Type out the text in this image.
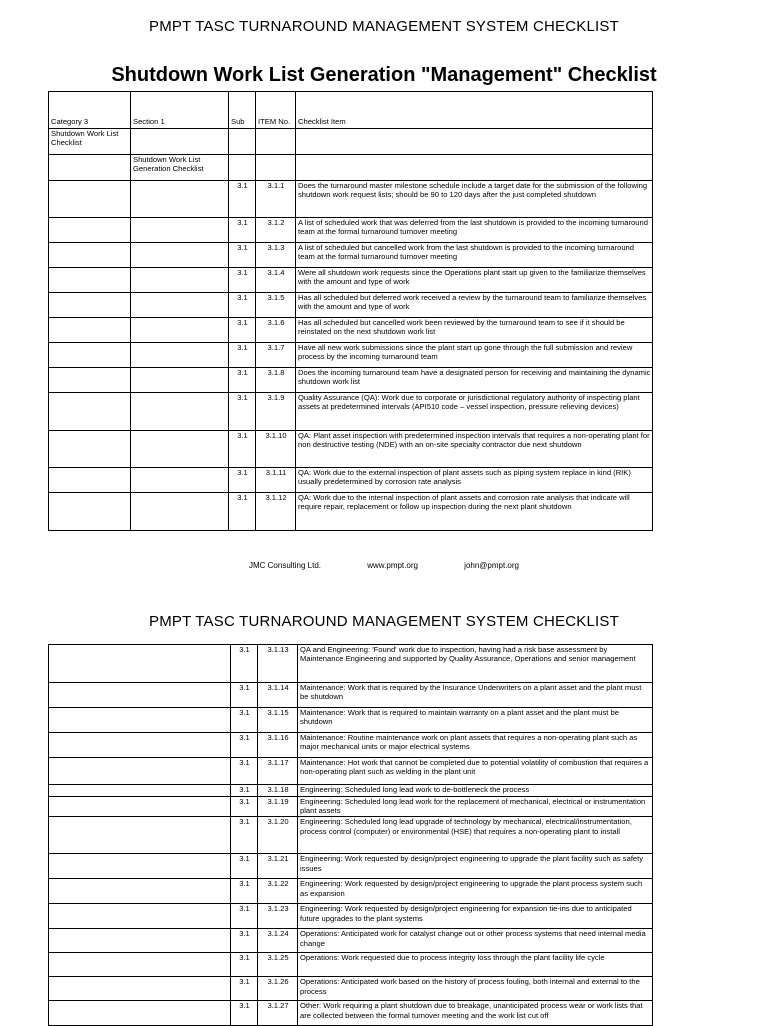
PMPT TASC TURNAROUND MANAGEMENT SYSTEM CHECKLIST
Shutdown Work List Generation "Management" Checklist
Category 3	Section 1	Sub	ITEM No.	Checklist Item
Shutdown Work List Checklist				
	Shutdown Work List Generation Checklist			
		3.1	3.1.1	Does the turnaround master milestone schedule include a target date for the submission of the following shutdown work request lists; should be 90 to 120 days after the just completed shutdown
		3.1	3.1.2	A list of scheduled work that was deferred from the last shutdown is provided to the incoming turnaround team at the formal turnaround turnover meeting
		3.1	3.1.3	A list of scheduled but cancelled work from the last shutdown is provided to the incoming turnaround team at the formal turnaround turnover meeting
		3.1	3.1.4	Were all shutdown work requests since the Operations plant start up given to the familiarize themselves with the amount and type of work
		3.1	3.1.5	Has all scheduled but deferred work received a review by the turnaround team to familiarize themselves with the amount and type of work
		3.1	3.1.6	Has all scheduled but cancelled work been reviewed by the turnaround team to see if it should be reinstated on the next shutdown work list
		3.1	3.1.7	Have all new work submissions since the plant start up gone through the full submission and review process by the incoming turnaround team
		3.1	3.1.8	Does the incoming turnaround team have a designated person for receiving and maintaining the dynamic shutdown work list
		3.1	3.1.9	Quality Assurance (QA): Work due to corporate or jurisdictional regulatory authority of inspecting plant assets at predetermined intervals (API510 code – vessel inspection, pressure relieving devices)
		3.1	3.1.10	QA: Plant asset inspection with predetermined inspection intervals that requires a non-operating plant for non destructive testing (NDE) with an on-site specialty contractor due next shutdown
		3.1	3.1.11	QA: Work due to the external inspection of plant assets such as piping system replace in kind (RIK) usually predetermined by corrosion rate analysis
		3.1	3.1.12	QA: Work due to the internal inspection of plant assets and corrosion rate analysis that indicate will require repair, replacement or follow up inspection during the next plant shutdown
JMC Consulting Ltd.	www.pmpt.org	john@pmpt.org
PMPT TASC TURNAROUND MANAGEMENT SYSTEM CHECKLIST
	3.1	3.1.13	QA and Engineering: 'Found' work due to inspection, having had a risk base assessment by Maintenance Engineering and supported by Quality Assurance, Operations and senior management
	3.1	3.1.14	Maintenance: Work that is required by the Insurance Underwriters on a plant asset and the plant must be shutdown
	3.1	3.1.15	Maintenance: Work that is required to maintain warranty on a plant asset and the plant must be shutdown
	3.1	3.1.16	Maintenance: Routine maintenance work on plant assets that requires a non-operating plant such as major mechanical units or major electrical systems
	3.1	3.1.17	Maintenance: Hot work that cannot be completed due to potential volatility of combustion that requires a non-operating plant such as welding in the plant unit
	3.1	3.1.18	Engineering: Scheduled long lead work to de-bottleneck the process
	3.1	3.1.19	Engineering: Scheduled long lead work for the replacement of mechanical, electrical or instrumentation plant assets
	3.1	3.1.20	Engineering: Scheduled long lead upgrade of technology by mechanical, electrical/instrumentation, process control (computer) or environmental (HSE) that requires a non-operating plant to install
	3.1	3.1.21	Engineering: Work requested by design/project engineering to upgrade the plant facility such as safety issues
	3.1	3.1.22	Engineering: Work requested by design/project engineering to upgrade the plant process system such as expansion
	3.1	3.1.23	Engineering: Work requested by design/project engineering for expansion tie-ins due to anticipated future upgrades to the plant systems
	3.1	3.1.24	Operations: Anticipated work for catalyst change out or other process systems that need internal media change
	3.1	3.1.25	Operations: Work requested due to process integrity loss through the plant facility life cycle
	3.1	3.1.26	Operations: Anticipated work based on the history of process fouling, both internal and external to the process
	3.1	3.1.27	Other: Work requiring a plant shutdown due to breakage, unanticipated process wear or work lists that are collected between the formal turnover meeting and the work list cut off
